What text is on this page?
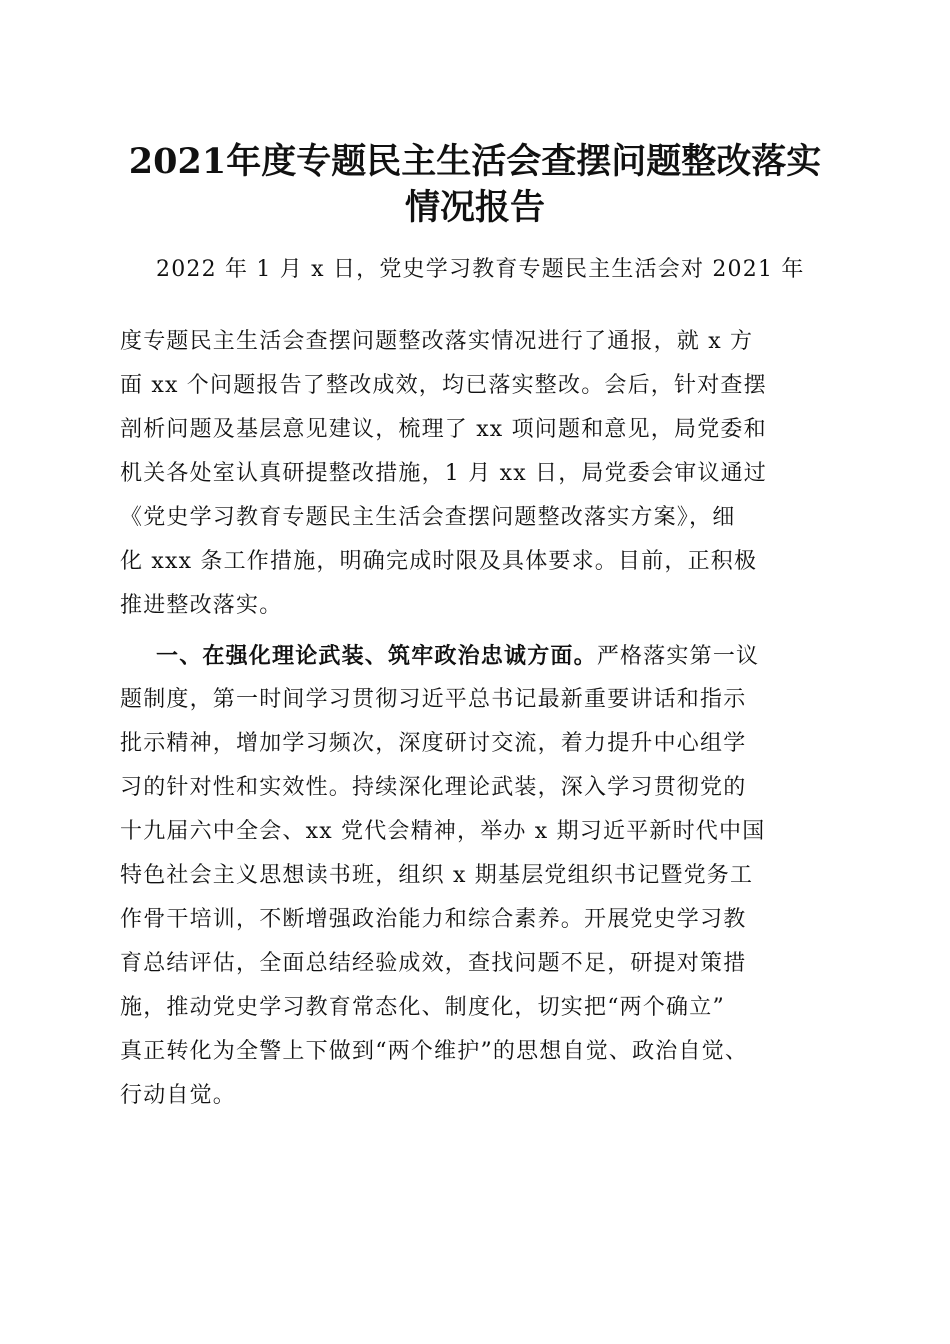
2021年度专题民主生活会查摆问题整改落实
情况报告
2022 年 1 月 x 日，党史学习教育专题民主生活会对 2021 年
度专题民主生活会查摆问题整改落实情况进行了通报，就 x 方
面 xx 个问题报告了整改成效，均已落实整改。会后，针对查摆
剖析问题及基层意见建议，梳理了 xx 项问题和意见，局党委和
机关各处室认真研提整改措施，1 月 xx 日，局党委会审议通过
《党史学习教育专题民主生活会查摆问题整改落实方案》，细
化 xxx 条工作措施，明确完成时限及具体要求。目前，正积极
推进整改落实。
一、在强化理论武装、筑牢政治忠诚方面。严格落实第一议
题制度，第一时间学习贯彻习近平总书记最新重要讲话和指示
批示精神，增加学习频次，深度研讨交流，着力提升中心组学
习的针对性和实效性。持续深化理论武装，深入学习贯彻党的
十九届六中全会、xx 党代会精神，举办 x 期习近平新时代中国
特色社会主义思想读书班，组织 x 期基层党组织书记暨党务工
作骨干培训，不断增强政治能力和综合素养。开展党史学习教
育总结评估，全面总结经验成效，查找问题不足，研提对策措
施，推动党史学习教育常态化、制度化，切实把“两个确立”
真正转化为全警上下做到“两个维护”的思想自觉、政治自觉、
行动自觉。
